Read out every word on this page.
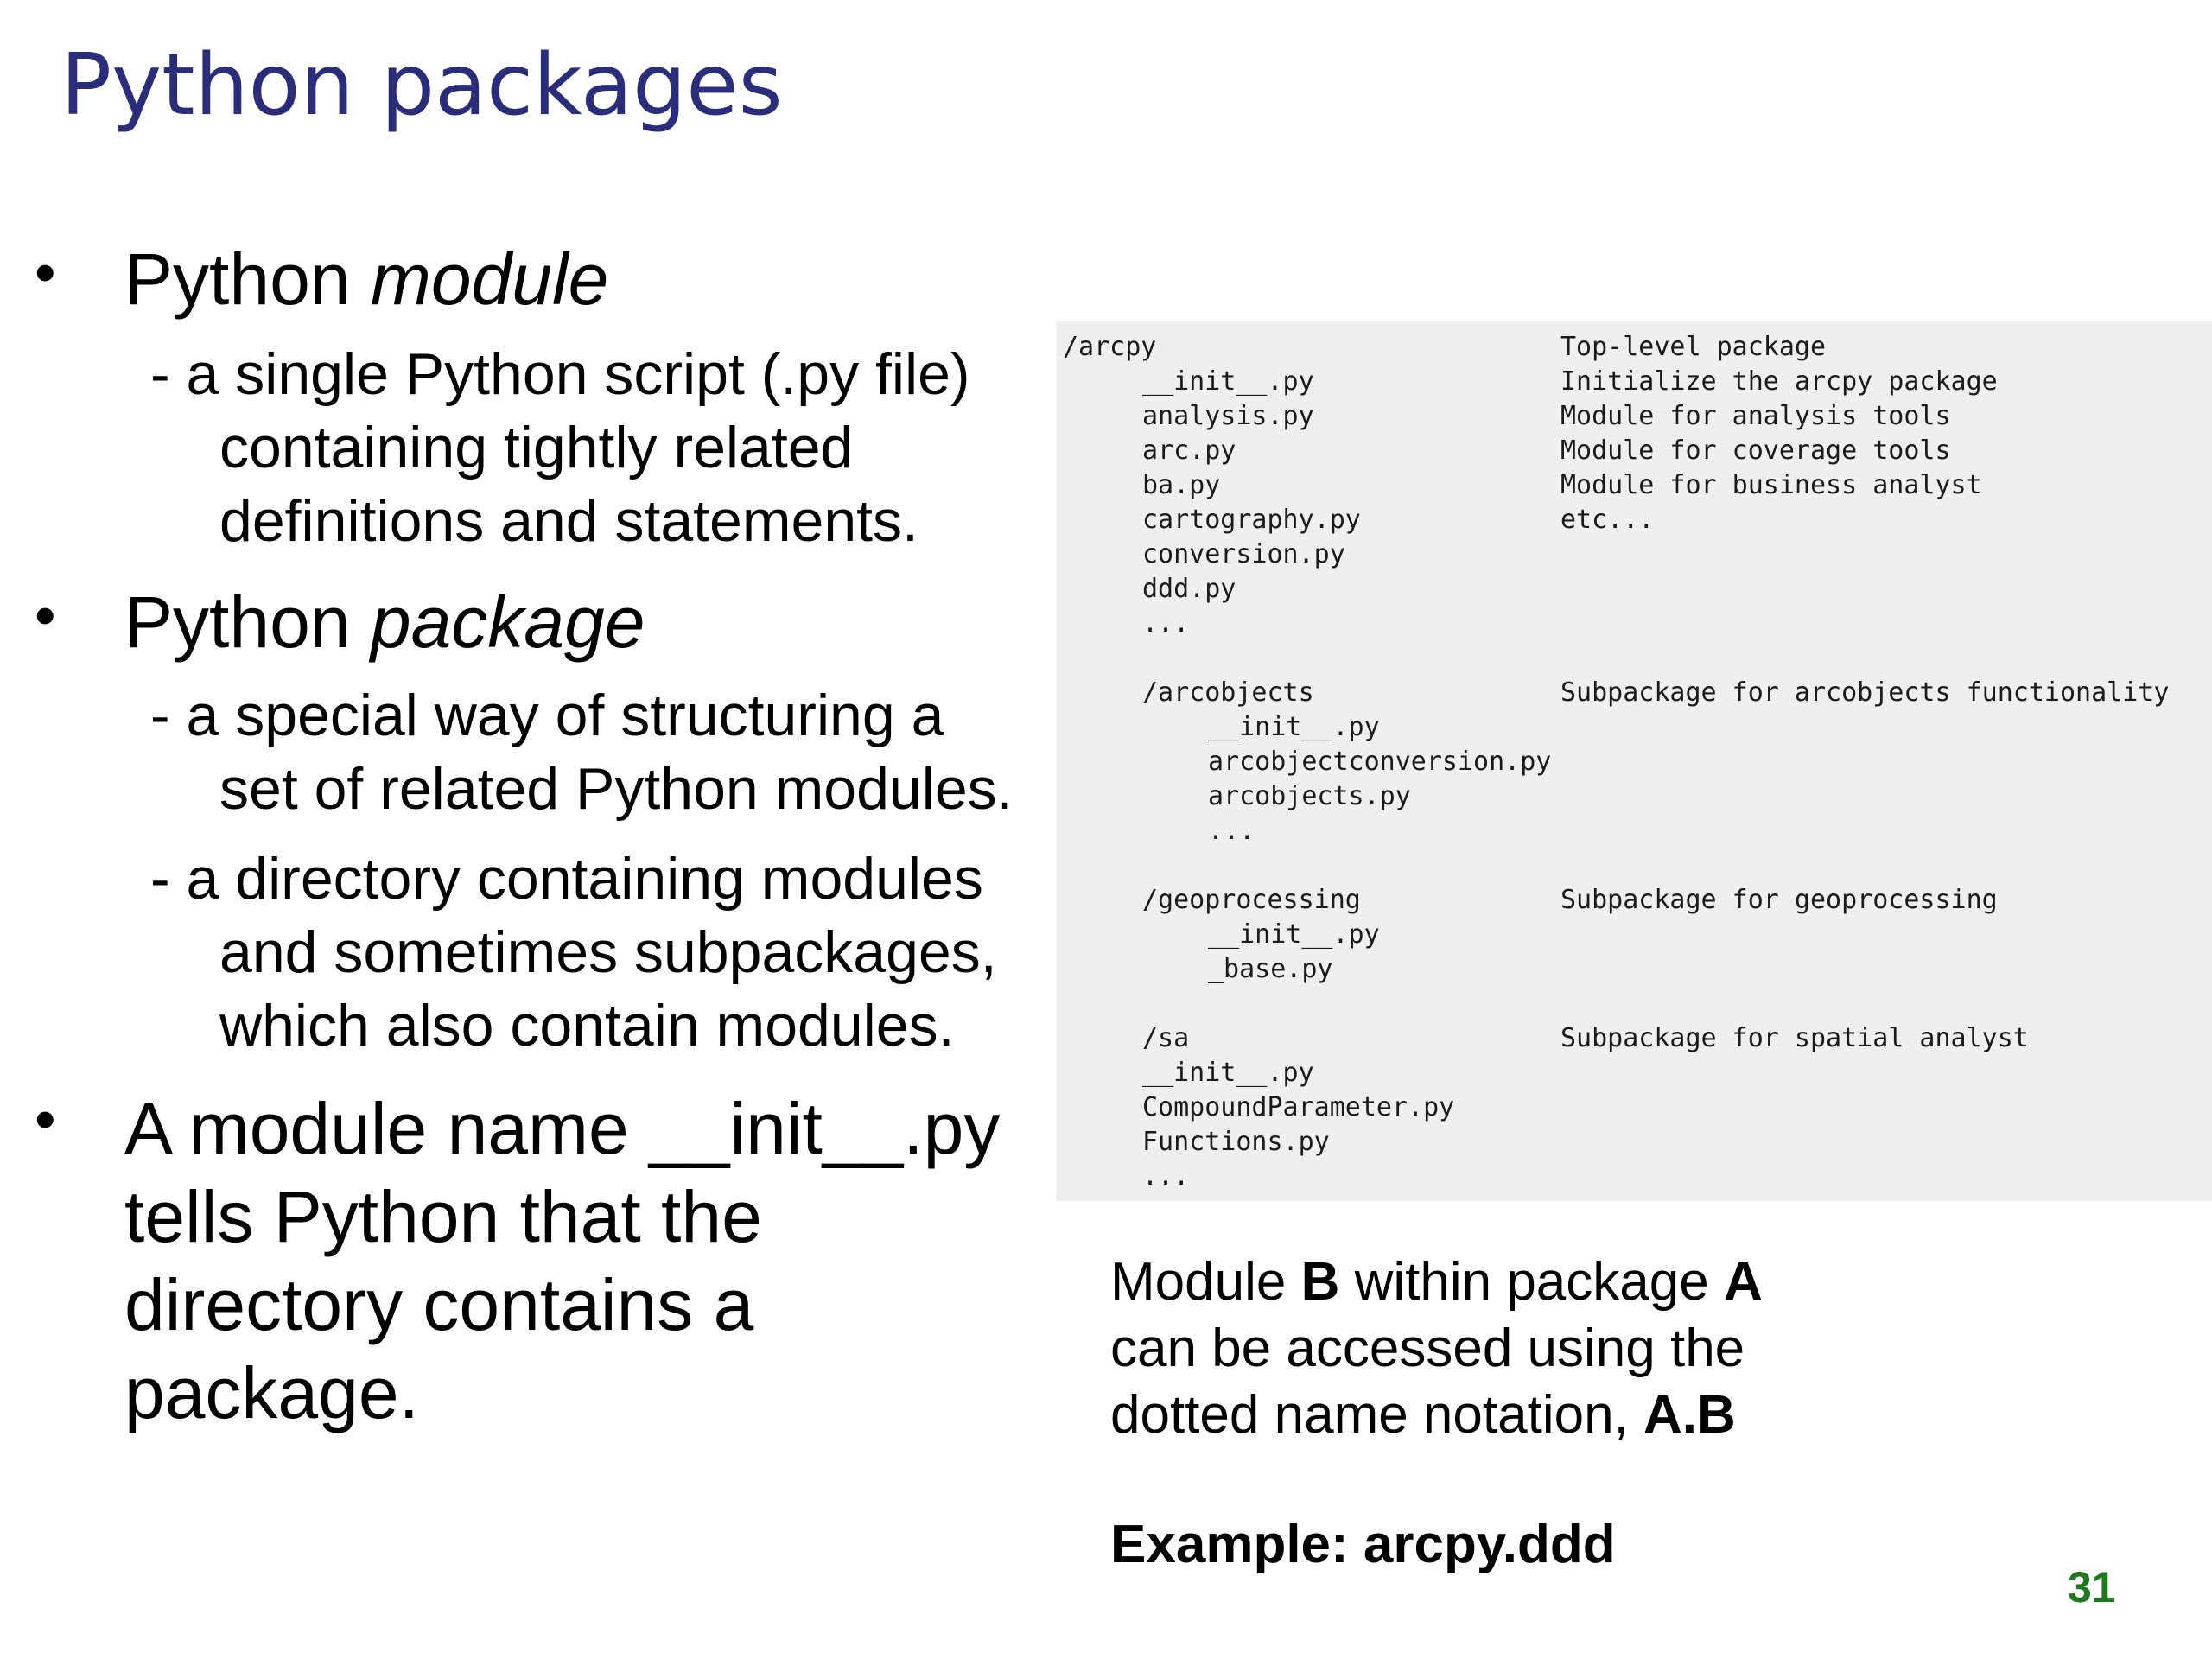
Python packages
• Python module
- a single Python script (.py file)
containing tightly related
definitions and statements.
• Python package
- a special way of structuring a
set of related Python modules.
- a directory containing modules
and sometimes subpackages,
which also contain modules.
• A module name __init__.py
tells Python that the
directory contains a
package.
/arcpy	Top-level package
__init__.py	Initialize the arcpy package
analysis.py	Module for analysis tools
arc.py	Module for coverage tools
ba.py	Module for business analyst
cartography.py	etc...
conversion.py
ddd.py
...
/arcobjects	Subpackage for arcobjects functionality
__init__.py
arcobjectconversion.py
arcobjects.py
...
/geoprocessing	Subpackage for geoprocessing
__init__.py
_base.py
/sa	Subpackage for spatial analyst
__init__.py
CompoundParameter.py
Functions.py
...
Module B within package A
can be accessed using the
dotted name notation, A.B
Example: arcpy.ddd
31
